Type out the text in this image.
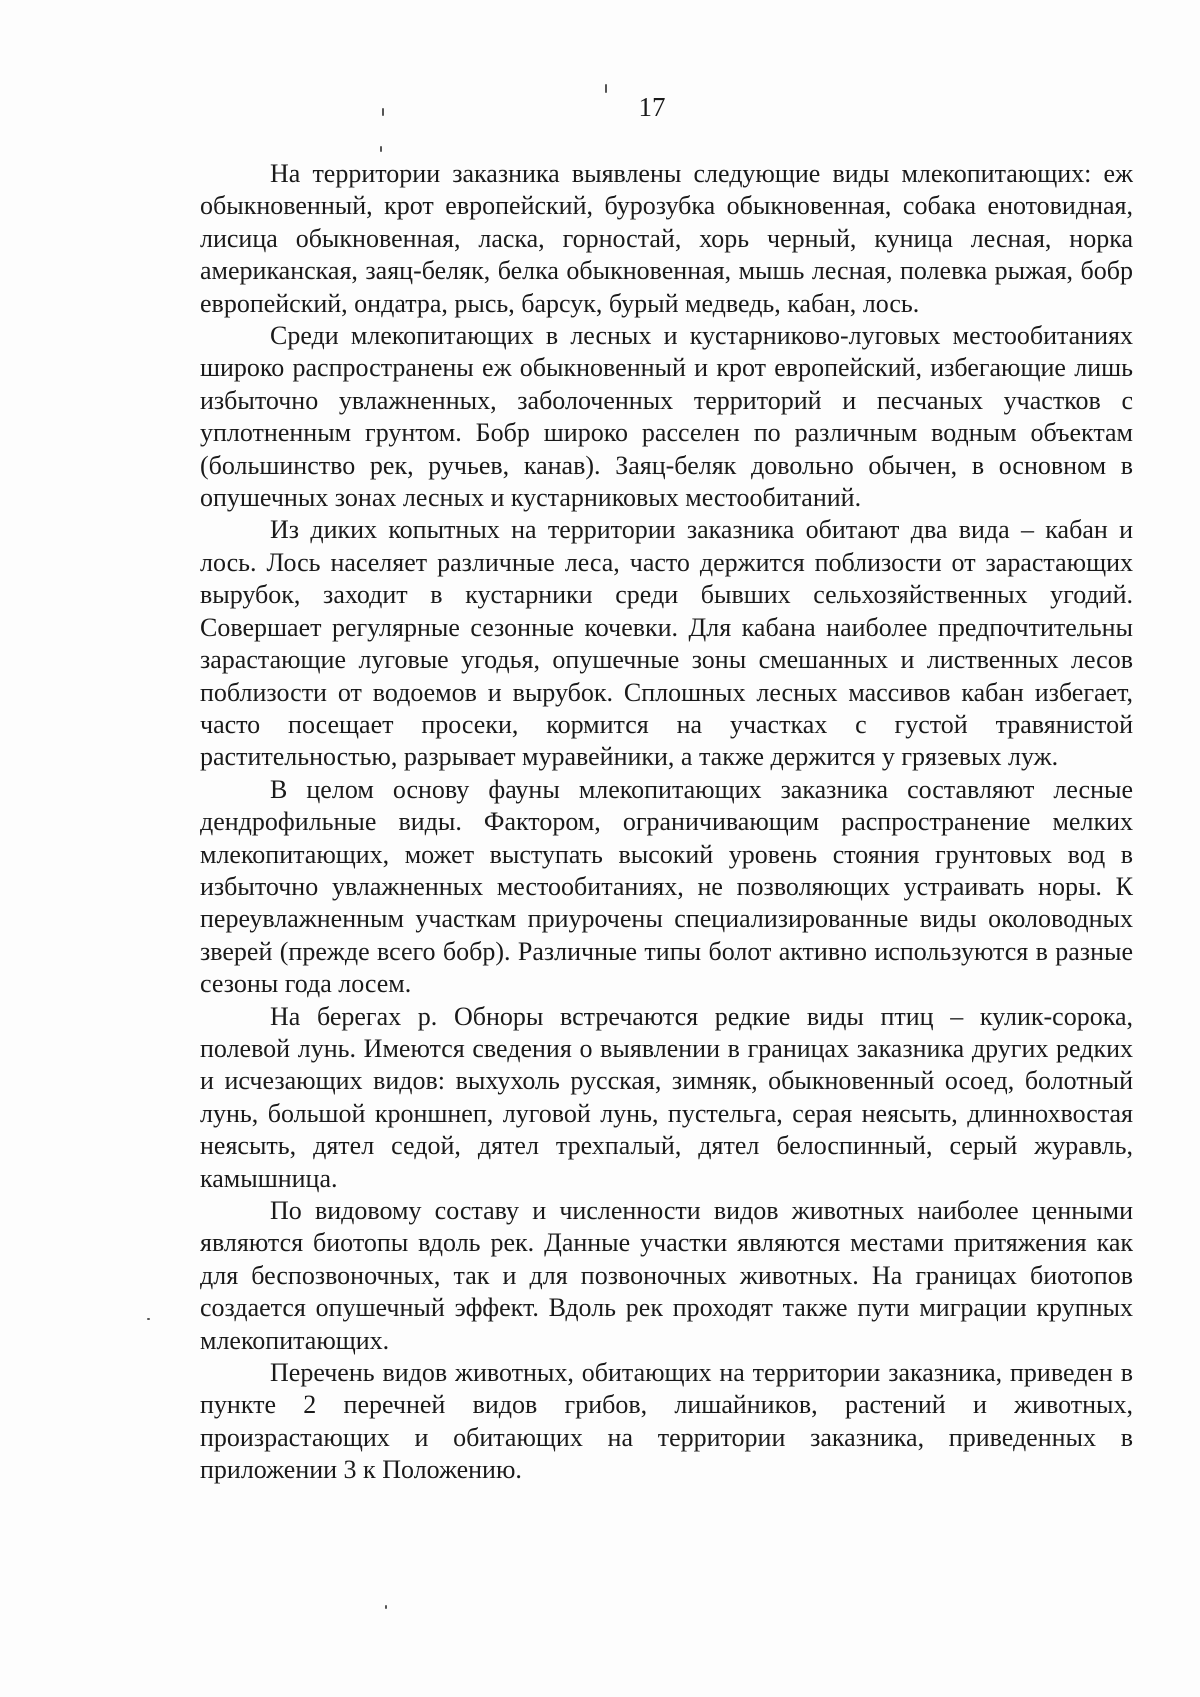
17

На территории заказника выявлены следующие виды млекопитающих: еж обыкновенный, крот европейский, бурозубка обыкновенная, собака енотовидная, лисица обыкновенная, ласка, горностай, хорь черный, куница лесная, норка американская, заяц-беляк, белка обыкновенная, мышь лесная, полевка рыжая, бобр европейский, ондатра, рысь, барсук, бурый медведь, кабан, лось.

Среди млекопитающих в лесных и кустарниково-луговых местообитаниях широко распространены еж обыкновенный и крот европейский, избегающие лишь избыточно увлажненных, заболоченных территорий и песчаных участков с уплотненным грунтом. Бобр широко расселен по различным водным объектам (большинство рек, ручьев, канав). Заяц-беляк довольно обычен, в основном в опушечных зонах лесных и кустарниковых местообитаний.

Из диких копытных на территории заказника обитают два вида – кабан и лось. Лось населяет различные леса, часто держится поблизости от зарастающих вырубок, заходит в кустарники среди бывших сельхозяйственных угодий. Совершает регулярные сезонные кочевки. Для кабана наиболее предпочтительны зарастающие луговые угодья, опушечные зоны смешанных и лиственных лесов поблизости от водоемов и вырубок. Сплошных лесных массивов кабан избегает, часто посещает просеки, кормится на участках с густой травянистой растительностью, разрывает муравейники, а также держится у грязевых луж.

В целом основу фауны млекопитающих заказника составляют лесные дендрофильные виды. Фактором, ограничивающим распространение мелких млекопитающих, может выступать высокий уровень стояния грунтовых вод в избыточно увлажненных местообитаниях, не позволяющих устраивать норы. К переувлажненным участкам приурочены специализированные виды околоводных зверей (прежде всего бобр). Различные типы болот активно используются в разные сезоны года лосем.

На берегах р. Обноры встречаются редкие виды птиц – кулик-сорока, полевой лунь. Имеются сведения о выявлении в границах заказника других редких и исчезающих видов: выхухоль русская, зимняк, обыкновенный осоед, болотный лунь, большой кроншнеп, луговой лунь, пустельга, серая неясыть, длиннохвостая неясыть, дятел седой, дятел трехпалый, дятел белоспинный, серый журавль, камышница.

По видовому составу и численности видов животных наиболее ценными являются биотопы вдоль рек. Данные участки являются местами притяжения как для беспозвоночных, так и для позвоночных животных. На границах биотопов создается опушечный эффект. Вдоль рек проходят также пути миграции крупных млекопитающих.

Перечень видов животных, обитающих на территории заказника, приведен в пункте 2 перечней видов грибов, лишайников, растений и животных, произрастающих и обитающих на территории заказника, приведенных в приложении 3 к Положению.
